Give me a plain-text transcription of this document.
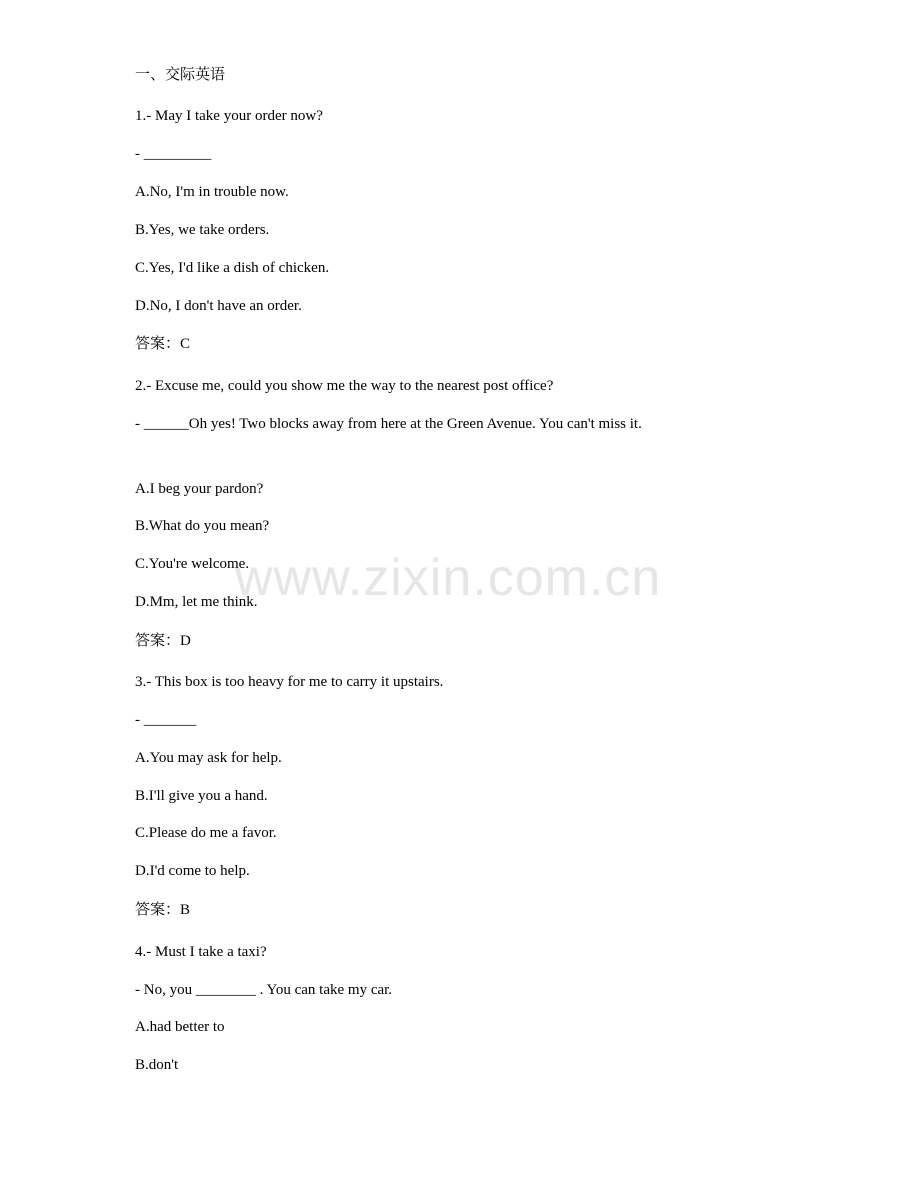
www.zixin.com.cn
一、交际英语
1.- May I take your order now?
- _________
A.No, I'm in trouble now.
B.Yes, we take orders.
C.Yes, I'd like a dish of chicken.
D.No, I don't have an order.
答案：C
2.- Excuse me, could you show me the way to the nearest post office?
- ______Oh yes! Two blocks away from here at the Green Avenue. You can't miss it.
A.I beg your pardon?
B.What do you mean?
C.You're welcome.
D.Mm, let me think.
答案：D
3.- This box is too heavy for me to carry it upstairs.
- _______
A.You may ask for help.
B.I'll give you a hand.
C.Please do me a favor.
D.I'd come to help.
答案：B
4.- Must I take a taxi?
- No, you ________ . You can take my car.
A.had better to
B.don't
